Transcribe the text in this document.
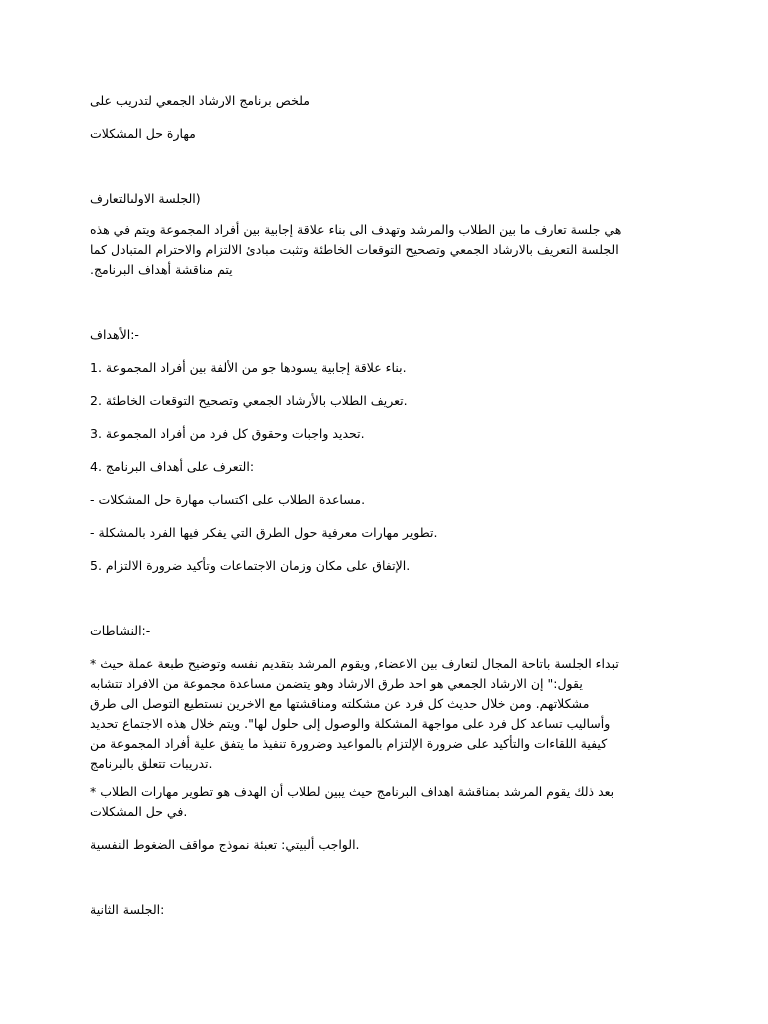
ملخص برنامج الارشاد الجمعي لتدريب على
مهارة حل المشكلات
الجلسة الاولىالتعارف)
هي جلسة تعارف ما بين الطلاب والمرشد وتهدف الى بناء علاقة إجابية بين أفراد المجموعة ويتم في هذه
الجلسة التعريف بالارشاد الجمعي وتصحيح التوقعات الخاطئة وتثبت مبادئ الالتزام والاحترام المتبادل كما
.يتم مناقشة أهداف البرنامج
الأهداف:-
1. بناء علاقة إجابية يسودها جو من الألفة بين أفراد المجموعة.
2. تعريف الطلاب بالأرشاد الجمعي وتصحيح التوقعات الخاطئة.
3. تحديد واجبات وحقوق كل فرد من أفراد المجموعة.
4. التعرف على أهداف البرنامج:
- مساعدة الطلاب على اكتساب مهارة حل المشكلات.
- تطوير مهارات معرفية حول الطرق التي يفكر فيها الفرد بالمشكلة.
5. الإتفاق على مكان وزمان الاجتماعات وتأكيد ضرورة الالتزام.
النشاطات:-
* تبداء الجلسة باتاحة المجال لتعارف بين الاعضاء, ويقوم المرشد بتقديم نفسه وتوضيح طبعة عملة حيث
يقول:" إن الارشاد الجمعي هو احد طرق الارشاد وهو يتضمن مساعدة مجموعة من الافراد تتشابه
مشكلاتهم. ومن خلال حديث كل فرد عن مشكلته ومناقشتها مع الاخرين نستطيع التوصل الى طرق
وأساليب تساعد كل فرد على مواجهة المشكلة والوصول إلى حلول لها". ويتم خلال هذه الاجتماع تحديد
كيفية اللقاءات والتأكيد على ضرورة الإلتزام بالمواعيد وضرورة تنفيذ ما يتفق علية أفراد المجموعة من
تدريبات تتعلق بالبرنامج.
* بعد ذلك يقوم المرشد بمناقشة اهداف البرنامج حيث يبين لطلاب أن الهدف هو تطوير مهارات الطلاب
في حل المشكلات.
الواجب ألبيتي: تعبئة نموذج مواقف الضغوط النفسية.
الجلسة الثانية:
